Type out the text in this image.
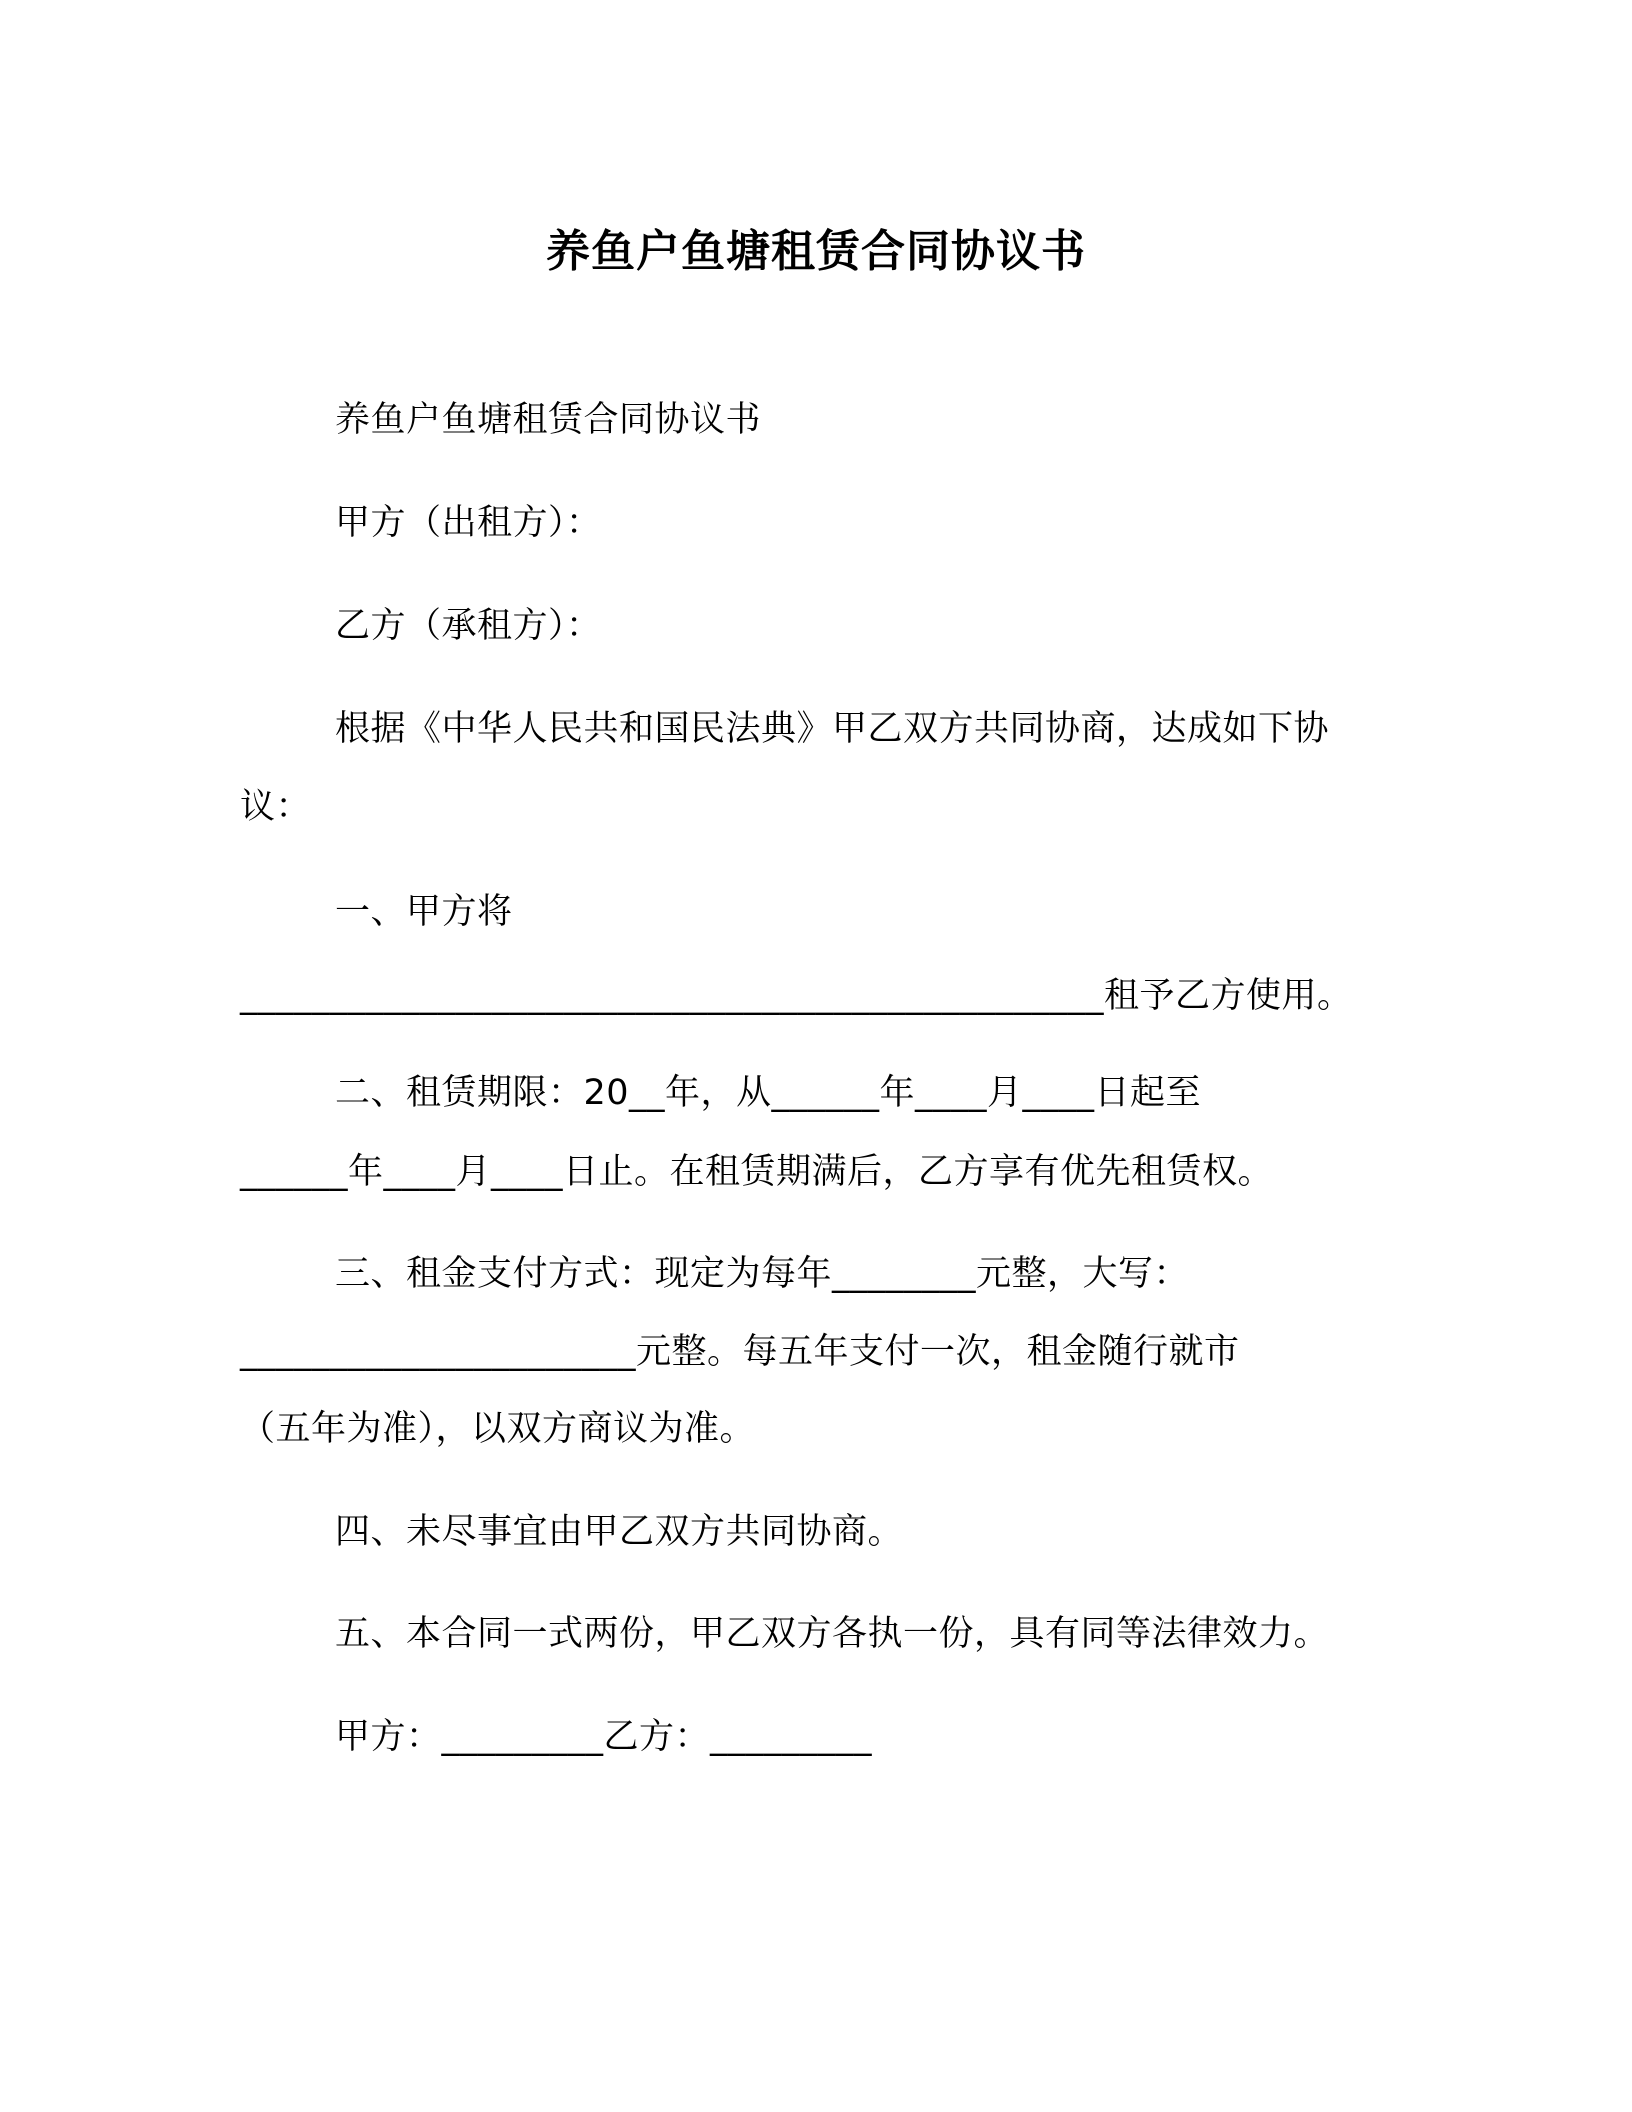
养鱼户鱼塘租赁合同协议书
养鱼户鱼塘租赁合同协议书
甲方（出租方）：
乙方（承租方）：
根据《中华人民共和国民法典》甲乙双方共同协商，达成如下协
议：
一、甲方将
________________________________________________租予乙方使用。
二、租赁期限：20__年，从______年____月____日起至
______年____月____日止。在租赁期满后，乙方享有优先租赁权。
三、租金支付方式：现定为每年________元整，大写：
______________________元整。每五年支付一次，租金随行就市
（五年为准），以双方商议为准。
四、未尽事宜由甲乙双方共同协商。
五、本合同一式两份，甲乙双方各执一份，具有同等法律效力。
甲方：_________乙方：_________
